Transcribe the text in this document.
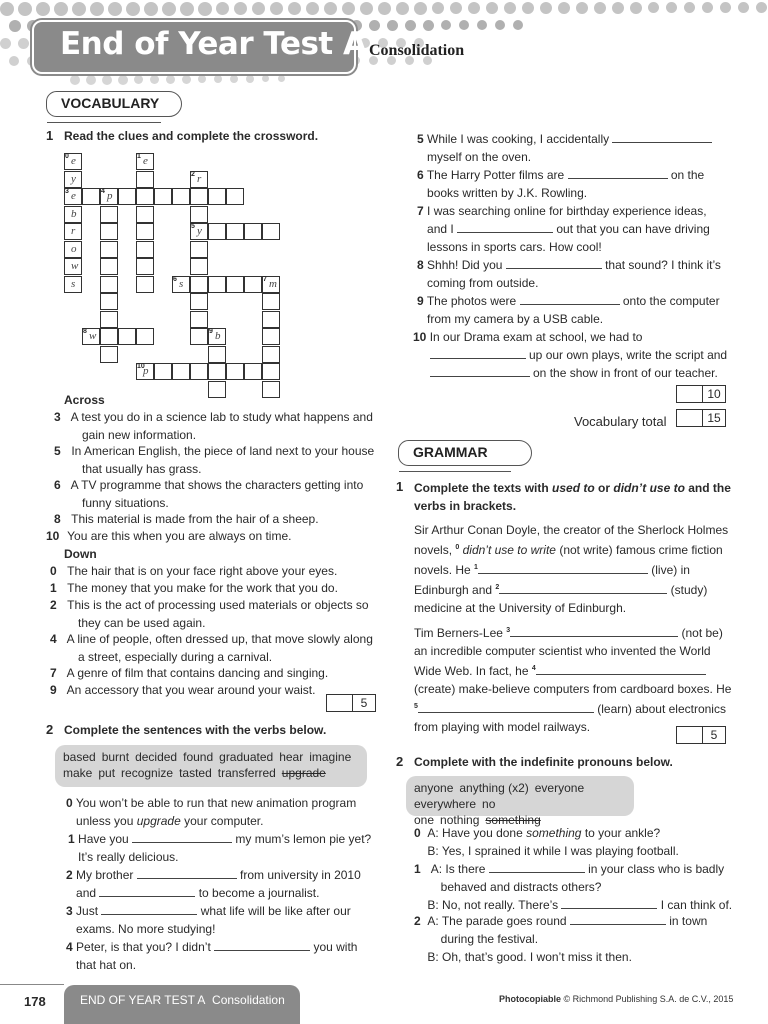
End of Year Test A Consolidation
VOCABULARY
1 Read the clues and complete the crossword.
0 e
y
3 e
b
r
o
w
s
1 e
4 p
2 r
5 y
6 s	7 m
8 w	9 b
10
p
Across
3 A test you do in a science lab to study what happens and gain new information.
5 In American English, the piece of land next to your house that usually has grass.
6 A TV programme that shows the characters getting into funny situations.
8 This material is made from the hair of a sheep.
10 You are this when you are always on time.
Down
0 The hair that is on your face right above your eyes.
1 The money that you make for the work that you do.
2 This is the act of processing used materials or objects so they can be used again.
4 A line of people, often dressed up, that move slowly along a street, especially during a carnival.
7 A genre of film that contains dancing and singing.
9 An accessory that you wear around your waist.
5
2 Complete the sentences with the verbs below.
based burnt decided found graduated hear imagine
make put recognize tasted transferred upgrade
0 You won’t be able to run that new animation program
unless you upgrade your computer.
1 Have you	my mum’s lemon pie yet?
It’s really delicious.
2 My brother	from university in 2010
and	to become a journalist.
3 Just	what life will be like after our
exams. No more studying!
4 Peter, is that you? I didn’t	you with
that hat on.
5 While I was cooking, I accidentally
myself on the oven.
6 The Harry Potter films are	on the
books written by J.K. Rowling.
7 I was searching online for birthday experience ideas,
and I	out that you can have driving
lessons in sports cars. How cool!
8 Shhh! Did you	that sound? I think it’s
coming from outside.
9 The photos were	onto the computer
from my camera by a USB cable.
10 In our Drama exam at school, we had to
up our own plays, write the script and
on the show in front of our teacher.
10
Vocabulary total	15
GRAMMAR
1 Complete the texts with used to or didn’t use to and the
verbs in brackets.
Sir Arthur Conan Doyle, the creator of the Sherlock Holmes
novels, $^0$ didn’t use to write (not write) famous crime fiction
novels. He $^1$	(live) in
Edinburgh and $^2$	(study)
medicine at the University of Edinburgh.
Tim Berners-Lee $^3$	(not be)
an incredible computer scientist who invented the World
Wide Web. In fact, he $^4$
(create) make-believe computers from cardboard boxes. He
$^5$	(learn) about electronics
from playing with model railways.
5
2 Complete with the indefinite pronouns below.
anyone anything (x2) everyone
everywhere no one nothing something
0 A: Have you done something to your ankle?
B: Yes, I sprained it while I was playing football.
1 A: Is there	in your class who is badly
behaved and distracts others?
B: No, not really. There’s	I can think of.
2 A: The parade goes round	in town
during the festival.
B: Oh, that’s good. I won’t miss it then.
178	END OF YEAR TEST A Consolidation	Photocopiable © Richmond Publishing S.A. de C.V., 2015
